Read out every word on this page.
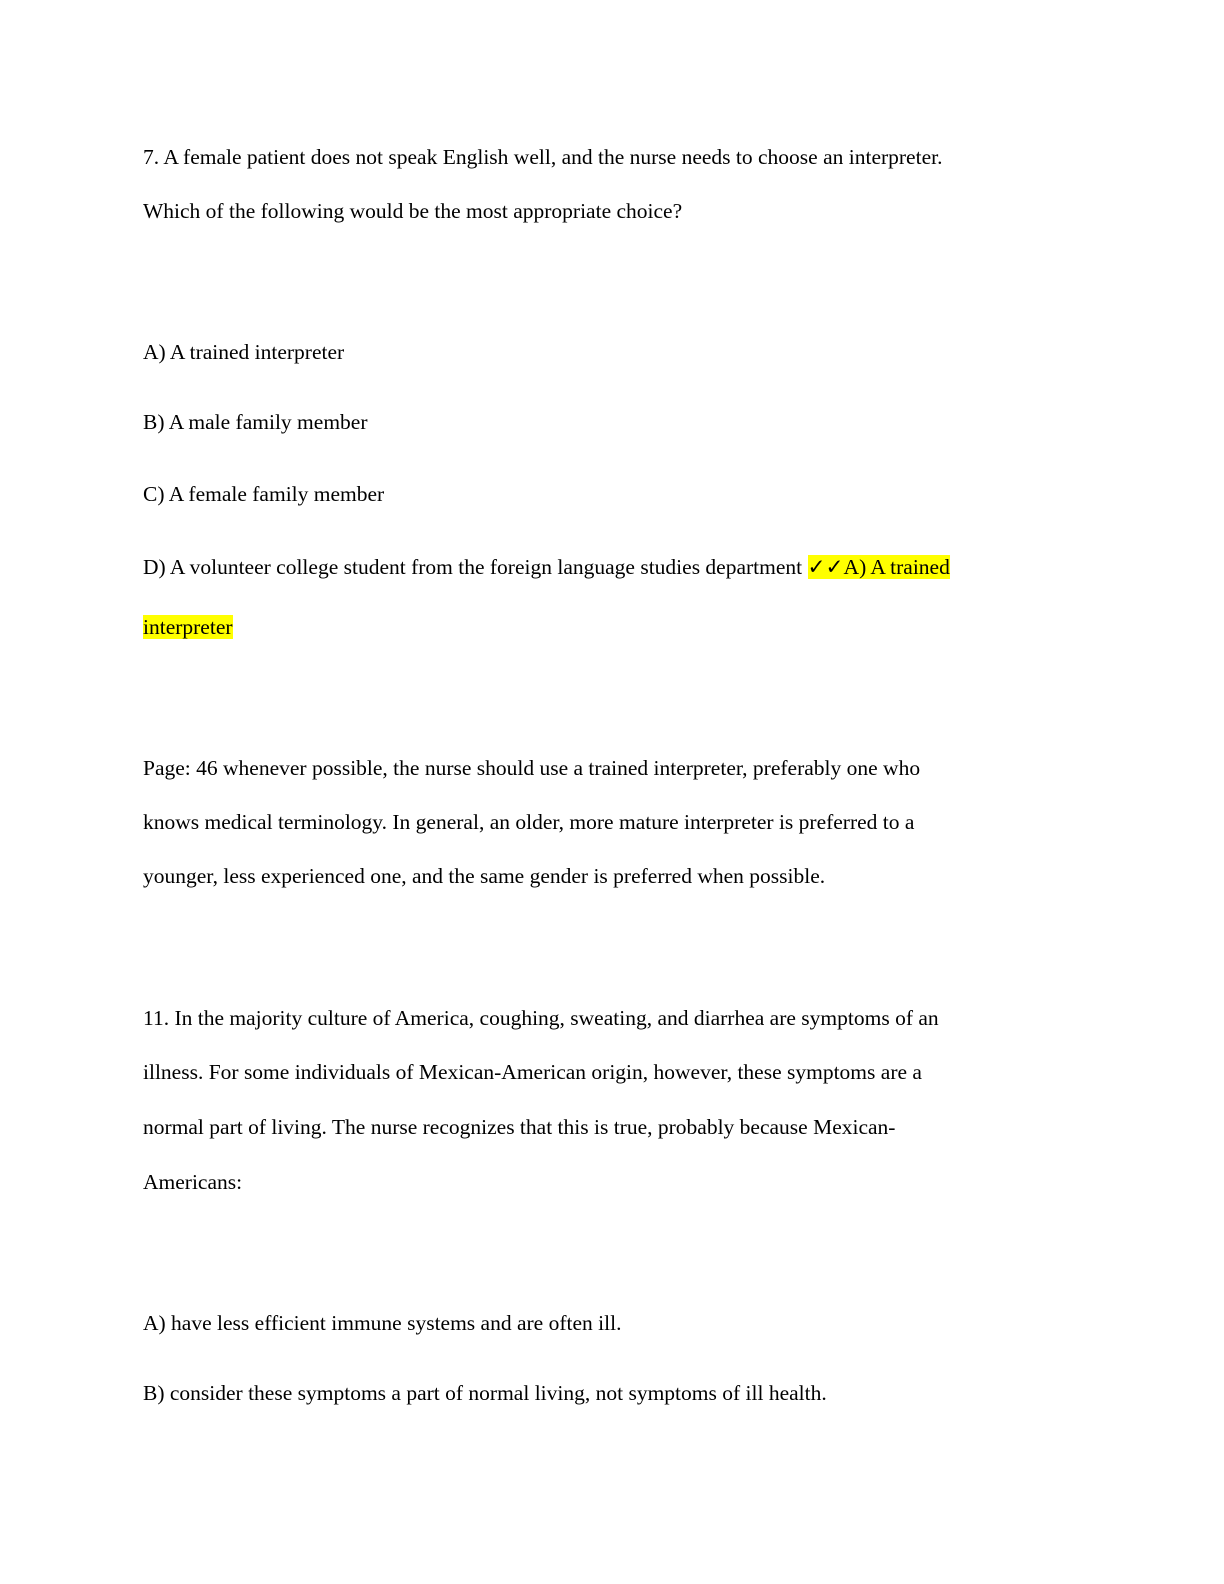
7. A female patient does not speak English well, and the nurse needs to choose an interpreter.
Which of the following would be the most appropriate choice?
A) A trained interpreter
B) A male family member
C) A female family member
D) A volunteer college student from the foreign language studies department ✓✓A) A trained
interpreter
Page: 46 whenever possible, the nurse should use a trained interpreter, preferably one who
knows medical terminology. In general, an older, more mature interpreter is preferred to a
younger, less experienced one, and the same gender is preferred when possible.
11. In the majority culture of America, coughing, sweating, and diarrhea are symptoms of an
illness. For some individuals of Mexican-American origin, however, these symptoms are a
normal part of living. The nurse recognizes that this is true, probably because Mexican-
Americans:
A) have less efficient immune systems and are often ill.
B) consider these symptoms a part of normal living, not symptoms of ill health.
